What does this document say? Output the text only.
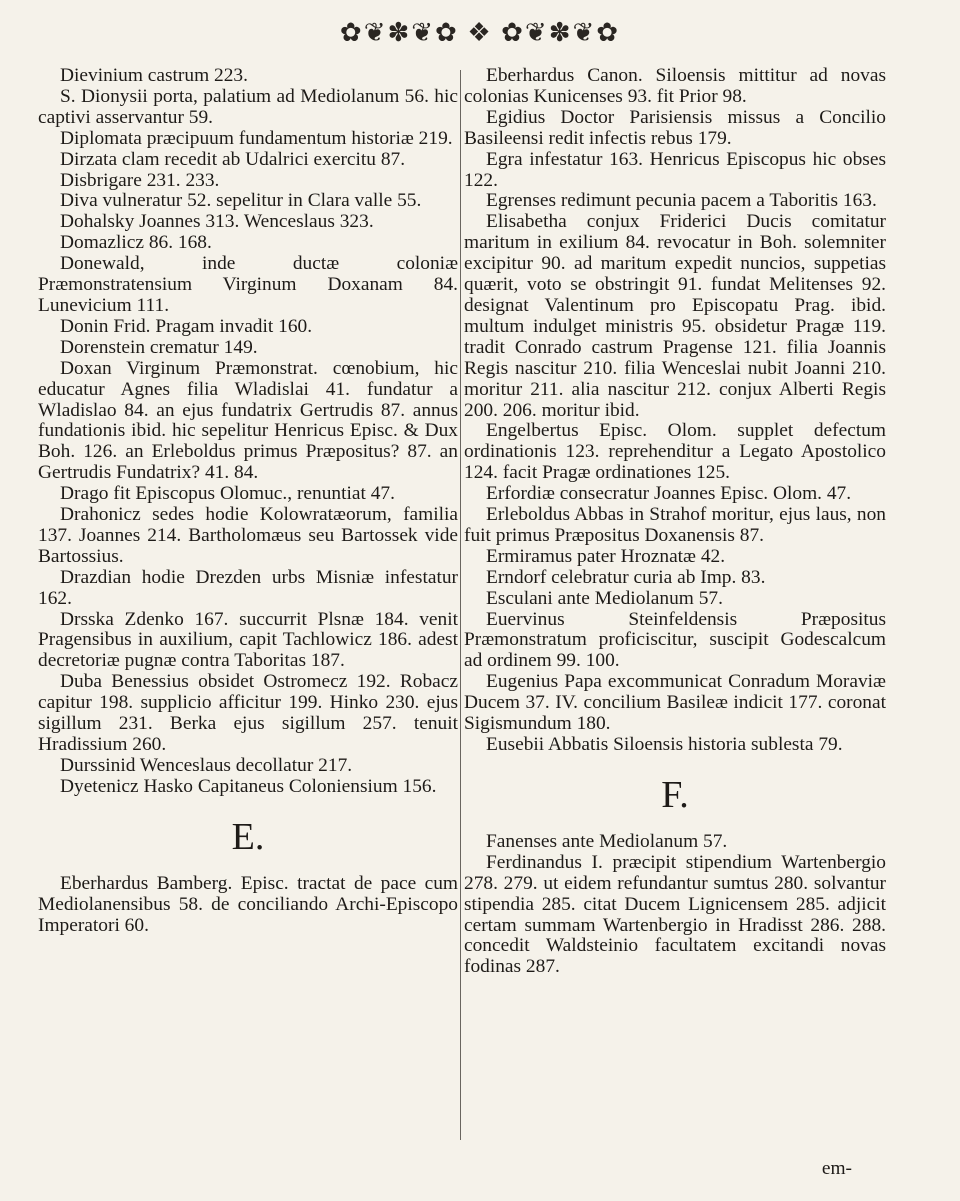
✿❦✽❦✿ ❖ ✿❦✽❦✿

Dievinium castrum 223.

S. Dionysii porta, palatium ad Mediolanum 56. hic captivi asservantur 59.

Diplomata præcipuum fundamentum historiæ 219.

Dirzata clam recedit ab Udalrici exercitu 87.

Disbrigare 231. 233.

Diva vulneratur 52. sepelitur in Clara valle 55.

Dohalsky Joannes 313. Wenceslaus 323.

Domazlicz 86. 168.

Donewald, inde ductæ coloniæ Præmonstratensium Virginum Doxanam 84. Lunevicium 111.

Donin Frid. Pragam invadit 160.

Dorenstein crematur 149.

Doxan Virginum Præmonstrat. cœnobium, hic educatur Agnes filia Wladislai 41. fundatur a Wladislao 84. an ejus fundatrix Gertrudis 87. annus fundationis ibid. hic sepelitur Henricus Episc. & Dux Boh. 126. an Erleboldus primus Præpositus? 87. an Gertrudis Fundatrix? 41. 84.

Drago fit Episcopus Olomuc., renuntiat 47.

Drahonicz sedes hodie Kolowratæorum, familia 137. Joannes 214. Bartholomæus seu Bartossek vide Bartossius.

Drazdian hodie Drezden urbs Misniæ infestatur 162.

Drsska Zdenko 167. succurrit Plsnæ 184. venit Pragensibus in auxilium, capit Tachlowicz 186. adest decretoriæ pugnæ contra Taboritas 187.

Duba Benessius obsidet Ostromecz 192. Robacz capitur 198. supplicio afficitur 199. Hinko 230. ejus sigillum 231. Berka ejus sigillum 257. tenuit Hradissium 260.

Durssinid Wenceslaus decollatur 217.

Dyetenicz Hasko Capitaneus Coloniensium 156.

E.

Eberhardus Bamberg. Episc. tractat de pace cum Mediolanensibus 58. de conciliando Archi-Episcopo Imperatori 60.

Eberhardus Canon. Siloensis mittitur ad novas colonias Kunicenses 93. fit Prior 98.

Egidius Doctor Parisiensis missus a Concilio Basileensi redit infectis rebus 179.

Egra infestatur 163. Henricus Episcopus hic obses 122.

Egrenses redimunt pecunia pacem a Taboritis 163.

Elisabetha conjux Friderici Ducis comitatur maritum in exilium 84. revocatur in Boh. solemniter excipitur 90. ad maritum expedit nuncios, suppetias quærit, voto se obstringit 91. fundat Melitenses 92. designat Valentinum pro Episcopatu Prag. ibid. multum indulget ministris 95. obsidetur Pragæ 119. tradit Conrado castrum Pragense 121. filia Joannis Regis nascitur 210. filia Wenceslai nubit Joanni 210. moritur 211. alia nascitur 212. conjux Alberti Regis 200. 206. moritur ibid.

Engelbertus Episc. Olom. supplet defectum ordinationis 123. reprehenditur a Legato Apostolico 124. facit Pragæ ordinationes 125.

Erfordiæ consecratur Joannes Episc. Olom. 47.

Erleboldus Abbas in Strahof moritur, ejus laus, non fuit primus Præpositus Doxanensis 87.

Ermiramus pater Hroznatæ 42.

Erndorf celebratur curia ab Imp. 83.

Esculani ante Mediolanum 57.

Euervinus Steinfeldensis Præpositus Præmonstratum proficiscitur, suscipit Godescalcum ad ordinem 99. 100.

Eugenius Papa excommunicat Conradum Moraviæ Ducem 37. IV. concilium Basileæ indicit 177. coronat Sigismundum 180.

Eusebii Abbatis Siloensis historia sublesta 79.

F.

Fanenses ante Mediolanum 57.

Ferdinandus I. præcipit stipendium Wartenbergio 278. 279. ut eidem refundantur sumtus 280. solvantur stipendia 285. citat Ducem Lignicensem 285. adjicit certam summam Wartenbergio in Hradisst 286. 288. concedit Waldsteinio facultatem excitandi novas fodinas 287.

em-
